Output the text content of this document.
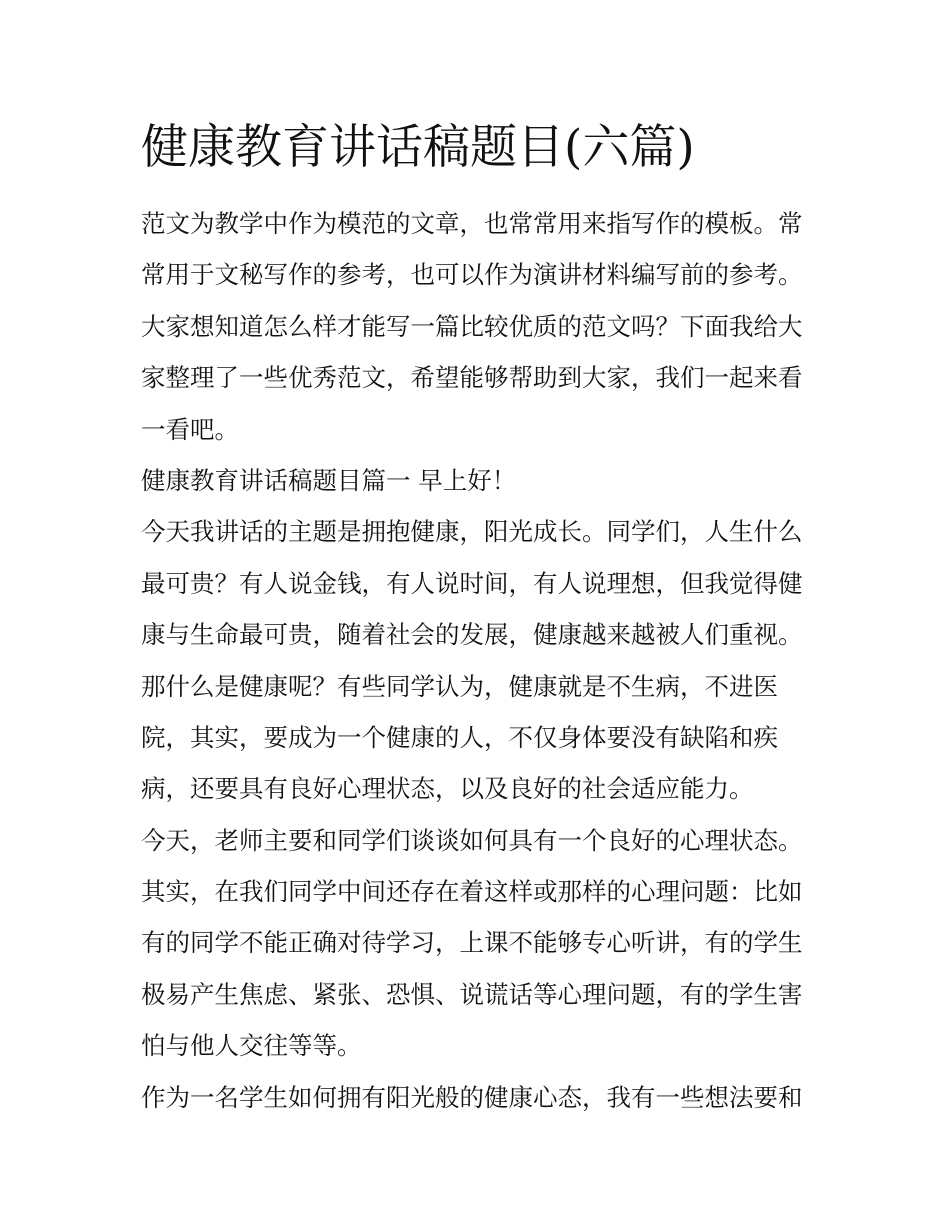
健康教育讲话稿题目(六篇)
范文为教学中作为模范的文章，也常常用来指写作的模板。常
常用于文秘写作的参考，也可以作为演讲材料编写前的参考。
大家想知道怎么样才能写一篇比较优质的范文吗？下面我给大
家整理了一些优秀范文，希望能够帮助到大家，我们一起来看
一看吧。
健康教育讲话稿题目篇一 早上好！
今天我讲话的主题是拥抱健康，阳光成长。同学们，人生什么
最可贵？有人说金钱，有人说时间，有人说理想，但我觉得健
康与生命最可贵，随着社会的发展，健康越来越被人们重视。
那什么是健康呢？有些同学认为，健康就是不生病，不进医
院，其实，要成为一个健康的人，不仅身体要没有缺陷和疾
病，还要具有良好心理状态，以及良好的社会适应能力。
今天，老师主要和同学们谈谈如何具有一个良好的心理状态。
其实，在我们同学中间还存在着这样或那样的心理问题：比如
有的同学不能正确对待学习，上课不能够专心听讲，有的学生
极易产生焦虑、紧张、恐惧、说谎话等心理问题，有的学生害
怕与他人交往等等。
作为一名学生如何拥有阳光般的健康心态，我有一些想法要和
